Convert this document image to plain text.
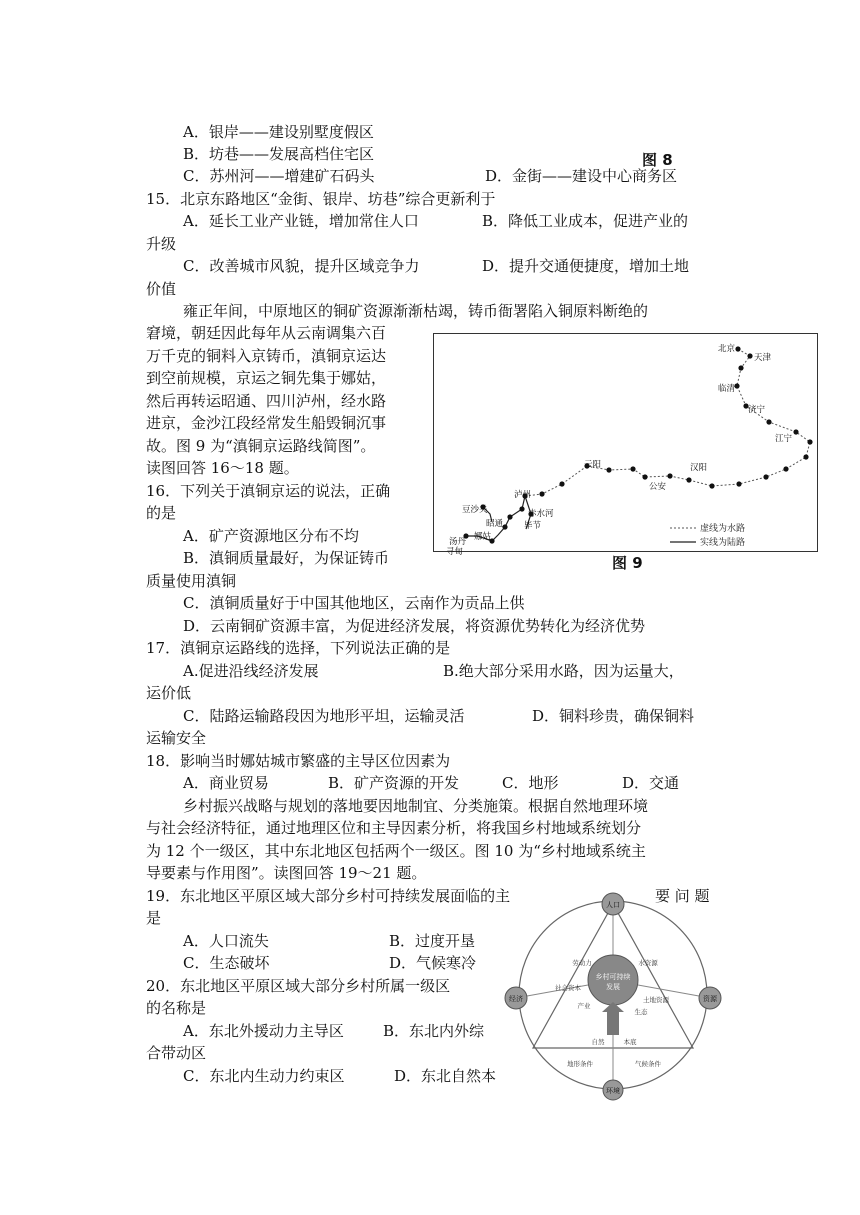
A．银岸——建设别墅度假区
B．坊巷——发展高档住宅区	图 8
C．苏州河——增建矿石码头	D．金街——建设中心商务区
15．北京东路地区“金街、银岸、坊巷”综合更新利于
A．延长工业产业链，增加常住人口	B．降低工业成本，促进产业的
升级
C．改善城市风貌，提升区域竞争力	D．提升交通便捷度，增加土地
价值
雍正年间，中原地区的铜矿资源渐渐枯竭，铸币衙署陷入铜原料断绝的
窘境，朝廷因此每年从云南调集六百
万千克的铜料入京铸币，滇铜京运达
到空前规模，京运之铜先集于娜姑，
然后再转运昭通、四川泸州，经水路
进京，金沙江段经常发生船毁铜沉事
故。图 9 为“滇铜京运路线简图”。
读图回答 16～18 题。
16．下列关于滇铜京运的说法，正确
的是
A．矿产资源地区分布不均
B．滇铜质量最好，为保证铸币	图 9
质量使用滇铜
C．滇铜质量好于中国其他地区，云南作为贡品上供
D．云南铜矿资源丰富，为促进经济发展，将资源优势转化为经济优势
17．滇铜京运路线的选择，下列说法正确的是
A.促进沿线经济发展	B.绝大部分采用水路，因为运量大，
运价低
C．陆路运输路段因为地形平坦，运输灵活	D．铜料珍贵，确保铜料
运输安全
18．影响当时娜姑城市繁盛的主导区位因素为
A．商业贸易	B．矿产资源的开发	C．地形	D．交通
乡村振兴战略与规划的落地要因地制宜、分类施策。根据自然地理环境
与社会经济特征，通过地理区位和主导因素分析，将我国乡村地域系统划分
为 12 个一级区，其中东北地区包括两个一级区。图 10 为“乡村地域系统主
导要素与作用图”。读图回答 19～21 题。
19．东北地区平原区域大部分乡村可持续发展面临的主	要 问 题
是
A．人口流失	B．过度开垦
C．生态破坏	D．气候寒冷
20．东北地区平原区域大部分乡村所属一级区
的名称是
A．东北外援动力主导区	B．东北内外综
合带动区
C．东北内生动力约束区	D．东北自然本
北京
天津
临清
济宁
江宁
汉阳
公安
云阳
泸州
赤水河
毕节
豆沙关
昭通
娜姑
汤丹
寻甸
虚线为水路
实线为陆路
乡村可持续
发展
人口
经济	资源
环境
地形条件	气候条件
自然	本底
劳动力
社会资本
产业
土地资源
水资源
生态
